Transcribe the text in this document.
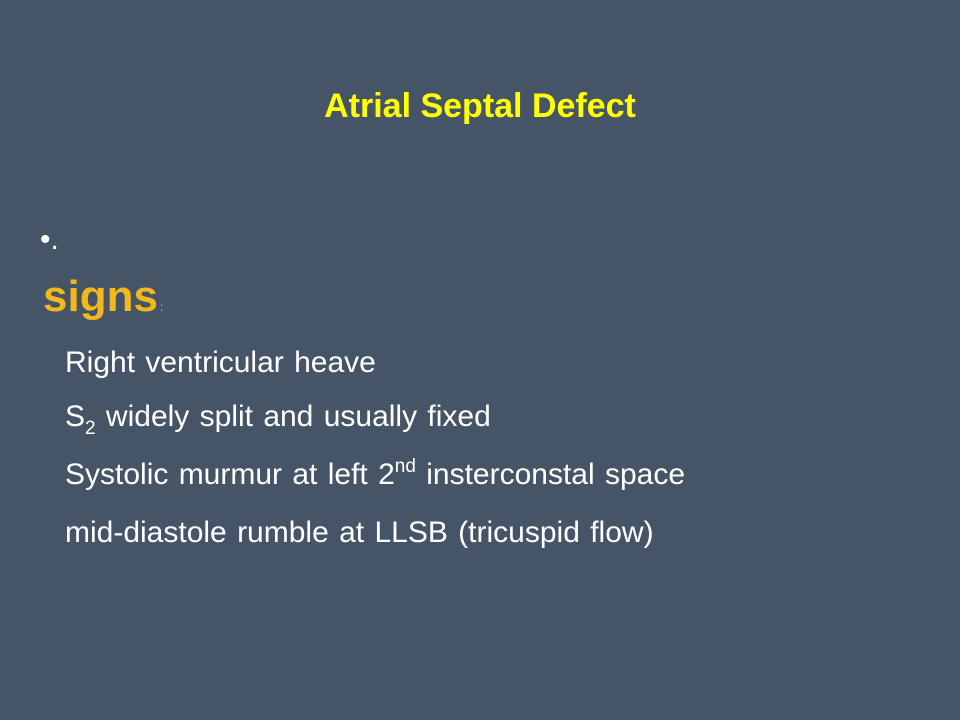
Atrial Septal Defect
•.
signs :
Right ventricular heave
$S_2$ widely split and usually fixed
Systolic murmur at left 2nd insterconstal space
mid-diastole rumble at LLSB (tricuspid flow)
